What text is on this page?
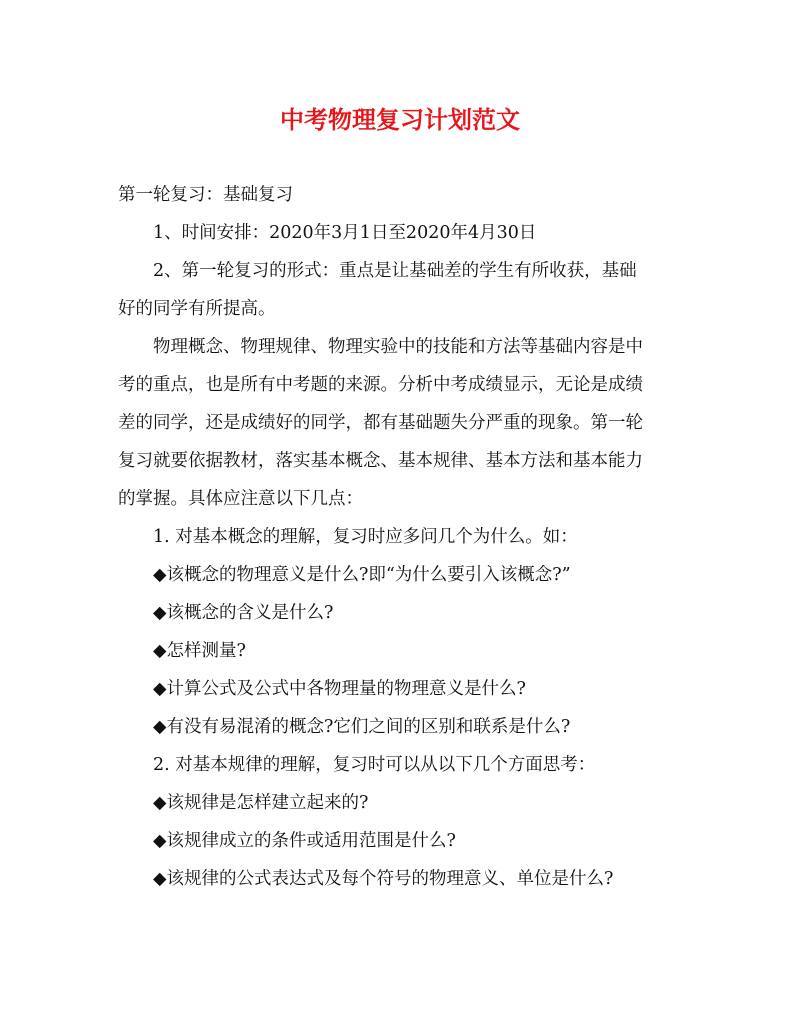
中考物理复习计划范文

第一轮复习：基础复习

1、时间安排：2020年3月1日至2020年4月30日

2、第一轮复习的形式：重点是让基础差的学生有所收获，基础

好的同学有所提高。

物理概念、物理规律、物理实验中的技能和方法等基础内容是中

考的重点，也是所有中考题的来源。分析中考成绩显示，无论是成绩

差的同学，还是成绩好的同学，都有基础题失分严重的现象。第一轮

复习就要依据教材，落实基本概念、基本规律、基本方法和基本能力

的掌握。具体应注意以下几点：

1. 对基本概念的理解，复习时应多问几个为什么。如：

◆该概念的物理意义是什么?即“为什么要引入该概念?”

◆该概念的含义是什么?

◆怎样测量?

◆计算公式及公式中各物理量的物理意义是什么?

◆有没有易混淆的概念?它们之间的区别和联系是什么?

2. 对基本规律的理解，复习时可以从以下几个方面思考：

◆该规律是怎样建立起来的?

◆该规律成立的条件或适用范围是什么?

◆该规律的公式表达式及每个符号的物理意义、单位是什么?
